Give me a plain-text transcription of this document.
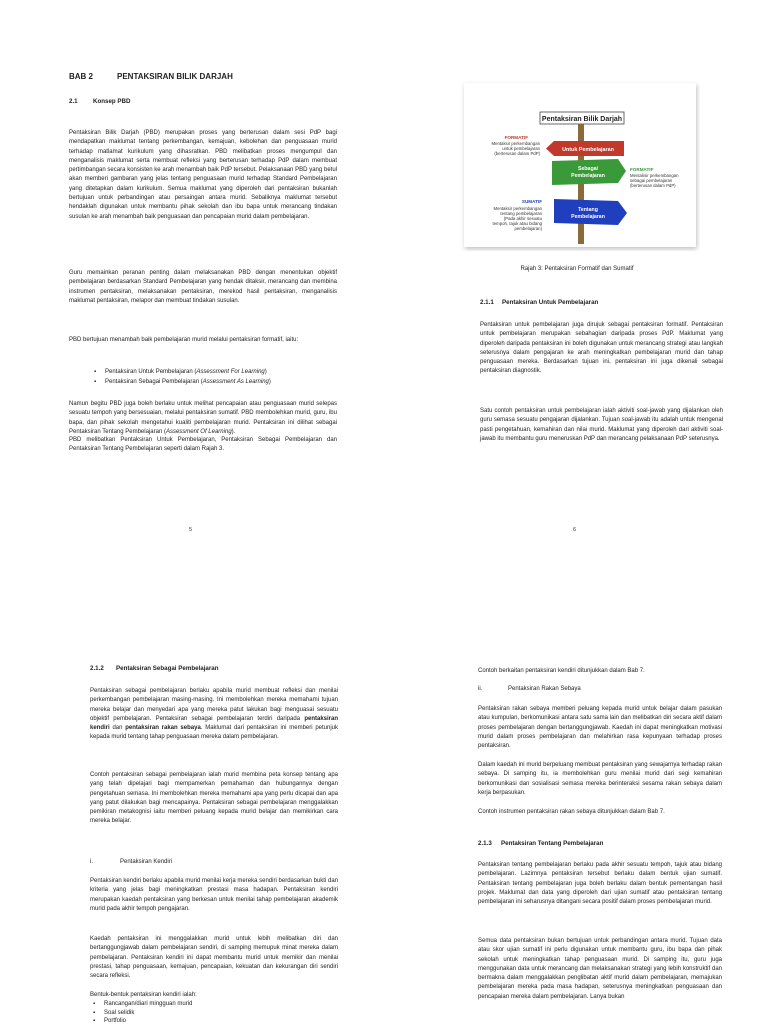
BAB 2	PENTAKSIRAN BILIK DARJAH
2.1 Konsep PBD

Pentaksiran Bilik Darjah (PBD) merupakan proses yang berterusan dalam sesi PdP bagi mendapatkan maklumat tentang perkembangan, kemajuan, kebolehan dan penguasaan murid terhadap matlamat kurikulum yang dihasratkan. PBD melibatkan proses mengumpul dan menganalisis maklumat serta membuat refleksi yang berterusan terhadap PdP dalam membuat pertimbangan secara konsisten ke arah menambah baik PdP tersebut. Pelaksanaan PBD yang betul akan memberi gambaran yang jelas tentang penguasaan murid terhadap Standard Pembelajaran yang ditetapkan dalam kurikulum. Semua maklumat yang diperoleh dari pentaksiran bukanlah bertujuan untuk perbandingan atau persaingan antara murid. Sebaliknya maklumat tersebut hendaklah digunakan untuk membantu pihak sekolah dan ibu bapa untuk merancang tindakan susulan ke arah menambah baik penguasaan dan pencapaian murid dalam pembelajaran.

Guru memainkan peranan penting dalam melaksanakan PBD dengan menentukan objektif pembelajaran berdasarkan Standard Pembelajaran yang hendak ditaksir, merancang dan membina instrumen pentaksiran, melaksanakan pentaksiran, merekod hasil pentaksiran, menganalisis maklumat pentaksiran, melapor dan membuat tindakan susulan.

PBD bertujuan menambah baik pembelajaran murid melalui pentaksiran formatif, iaitu:

▪ Pentaksiran Untuk Pembelajaran (Assessment For Learning)
▪ Pentaksiran Sebagai Pembelajaran (Assessment As Learning)

Namun begitu PBD juga boleh berlaku untuk melihat pencapaian atau penguasaan murid selepas sesuatu tempoh yang bersesuaian, melalui pentaksiran sumatif. PBD membolehkan murid, guru, ibu bapa, dan pihak sekolah mengetahui kualiti pembelajaran murid. Pentaksiran ini dilihat sebagai Pentaksiran Tentang Pembelajaran (Assessment Of Learning).

PBD melibatkan Pentaksiran Untuk Pembelajaran, Pentaksiran Sebagai Pembelajaran dan Pentaksiran Tentang Pembelajaran seperti dalam Rajah 3.

5
Pentaksiran Bilik Darjah
FORMATIF
Mentaksir perkembangan
untuk pembelajaran
(berterusan dalam PdP)
Untuk Pembelajaran
Sebagai
Pembelajaran
FORMATIF
Mentaksir perkembangan
sebagai pembelajaran
(berterusan dalam PdP)
SUMATIF
Mentaksir perkembangan
tentang pembelajaran
(Pada akhir sesuatu
tempoh, tajuk atau bidang
pembelajaran)
Tentang
Pembelajaran
Rajah 3: Pentaksiran Formatif dan Sumatif
2.1.1 Pentaksiran Untuk Pembelajaran

Pentaksiran untuk pembelajaran juga dirujuk sebagai pentaksiran formatif. Pentaksiran untuk pembelajaran merupakan sebahagian daripada proses PdP. Maklumat yang diperoleh daripada pentaksiran ini boleh digunakan untuk merancang strategi atau langkah seterusnya dalam pengajaran ke arah meningkatkan pembelajaran murid dan tahap penguasaan mereka. Berdasarkan tujuan ini, pentaksiran ini juga dikenali sebagai pentaksiran diagnostik.

Satu contoh pentaksiran untuk pembelajaran ialah aktiviti soal-jawab yang dijalankan oleh guru semasa sesuatu pengajaran dijalankan. Tujuan soal-jawab itu adalah untuk mengenal pasti pengetahuan, kemahiran dan nilai murid. Maklumat yang diperoleh dari aktiviti soal-jawab itu membantu guru meneruskan PdP dan merancang pelaksanaan PdP seterusnya.

6
2.1.2 Pentaksiran Sebagai Pembelajaran

Pentaksiran sebagai pembelajaran berlaku apabila murid membuat refleksi dan menilai perkembangan pembelajaran masing-masing. Ini membolehkan mereka memahami tujuan mereka belajar dan menyedari apa yang mereka patut lakukan bagi menguasai sesuatu objektif pembelajaran. Pentaksiran sebagai pembelajaran terdiri daripada pentaksiran kendiri dan pentaksiran rakan sebaya. Maklumat dari pentaksiran ini memberi petunjuk kepada murid tentang tahap penguasaan mereka dalam pembelajaran.

Contoh pentaksiran sebagai pembelajaran ialah murid membina peta konsep tentang apa yang telah dipelajari bagi mempamerkan pemahaman dan hubungannya dengan pengetahuan semasa. Ini membolehkan mereka memahami apa yang perlu dicapai dan apa yang patut dilakukan bagi mencapainya. Pentaksiran sebagai pembelajaran menggalakkan pemikiran metakognisi iaitu memberi peluang kepada murid belajar dan memikirkan cara mereka belajar.

i.	Pentaksiran Kendiri

Pentaksiran kendiri berlaku apabila murid menilai kerja mereka sendiri berdasarkan bukti dan kriteria yang jelas bagi meningkatkan prestasi masa hadapan. Pentaksiran kendiri merupakan kaedah pentaksiran yang berkesan untuk menilai tahap pembelajaran akademik murid pada akhir tempoh pengajaran.

Kaedah pentaksiran ini menggalakkan murid untuk lebih melibatkan diri dan bertanggungjawab dalam pembelajaran sendiri, di samping memupuk minat mereka dalam pembelajaran. Pentaksiran kendiri ini dapat membantu murid untuk memikir dan menilai prestasi, tahap penguasaan, kemajuan, pencapaian, kekuatan dan kekurangan diri sendiri secara refleksi.

Bentuk-bentuk pentaksiran kendiri ialah:

▪ Rancangan/diari mingguan murid
▪ Soal selidik
▪ Portfolio

Contoh berkaitan pentaksiran kendiri ditunjukkan dalam Bab 7.

ii.	Pentaksiran Rakan Sebaya

Pentaksiran rakan sebaya memberi peluang kepada murid untuk belajar dalam pasukan atau kumpulan, berkomunikasi antara satu sama lain dan melibatkan diri secara aktif dalam proses pembelajaran dengan bertanggungjawab. Kaedah ini dapat meningkatkan motivasi murid dalam proses pembelajaran dan melahirkan rasa kepunyaan terhadap proses pentaksiran.

Dalam kaedah ini murid berpeluang membuat pentaksiran yang sewajarnya terhadap rakan sebaya. Di samping itu, ia membolehkan guru menilai murid dari segi kemahiran berkomunikasi dan sosialisasi semasa mereka berinteraksi sesama rakan sebaya dalam kerja berpasukan.

Contoh instrumen pentaksiran rakan sebaya ditunjukkan dalam Bab 7.

2.1.3 Pentaksiran Tentang Pembelajaran

Pentaksiran tentang pembelajaran berlaku pada akhir sesuatu tempoh, tajuk atau bidang pembelajaran. Lazimnya pentaksiran tersebut berlaku dalam bentuk ujian sumatif. Pentaksiran tentang pembelajaran juga boleh berlaku dalam bentuk pementangan hasil projek. Maklumat dan data yang diperoleh dari ujian sumatif atau pentaksiran tentang pembelajaran ini seharusnya ditangani secara positif dalam proses pembelajaran murid.

Semua data pentaksiran bukan bertujuan untuk perbandingan antara murid. Tujuan data atau skor ujian sumatif ini perlu digunakan untuk membantu guru, ibu bapa dan pihak sekolah untuk meningkatkan tahap penguasaan murid. Di samping itu, guru juga menggunakan data untuk merancang dan melaksanakan strategi yang lebih konstruktif dan bermakna dalam menggalakkan penglibatan aktif murid dalam pembelajaran, memajukan pembelajaran mereka pada masa hadapan, seterusnya meningkatkan penguasaan dan pencapaian mereka dalam pembelajaran. Lanya bukan
